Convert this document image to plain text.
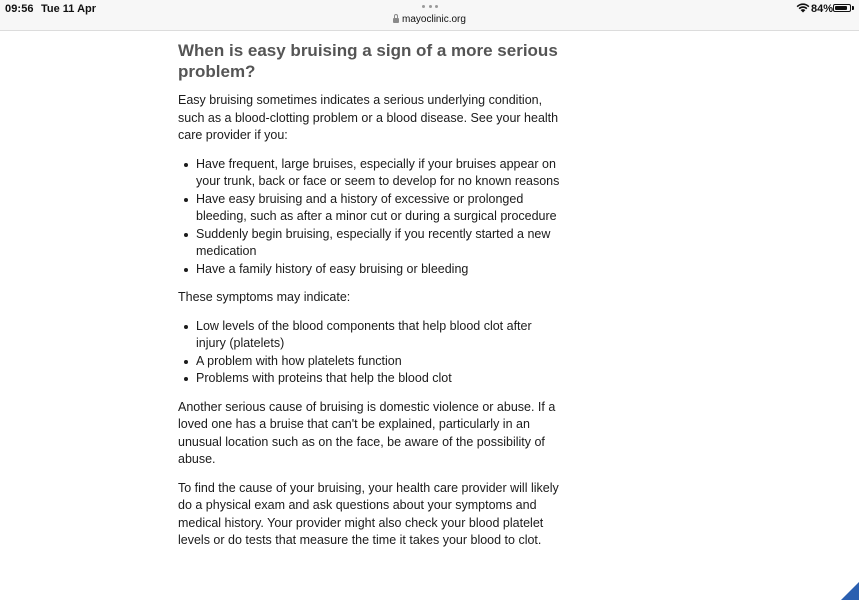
09:56 Tue 11 Apr
mayoclinic.org
84%
When is easy bruising a sign of a more serious problem?

Easy bruising sometimes indicates a serious underlying condition, such as a blood-clotting problem or a blood disease. See your health care provider if you:

Have frequent, large bruises, especially if your bruises appear on your trunk, back or face or seem to develop for no known reasons
Have easy bruising and a history of excessive or prolonged bleeding, such as after a minor cut or during a surgical procedure
Suddenly begin bruising, especially if you recently started a new medication
Have a family history of easy bruising or bleeding

These symptoms may indicate:

Low levels of the blood components that help blood clot after injury (platelets)
A problem with how platelets function
Problems with proteins that help the blood clot

Another serious cause of bruising is domestic violence or abuse. If a loved one has a bruise that can't be explained, particularly in an unusual location such as on the face, be aware of the possibility of abuse.

To find the cause of your bruising, your health care provider will likely do a physical exam and ask questions about your symptoms and medical history. Your provider might also check your blood platelet levels or do tests that measure the time it takes your blood to clot.
